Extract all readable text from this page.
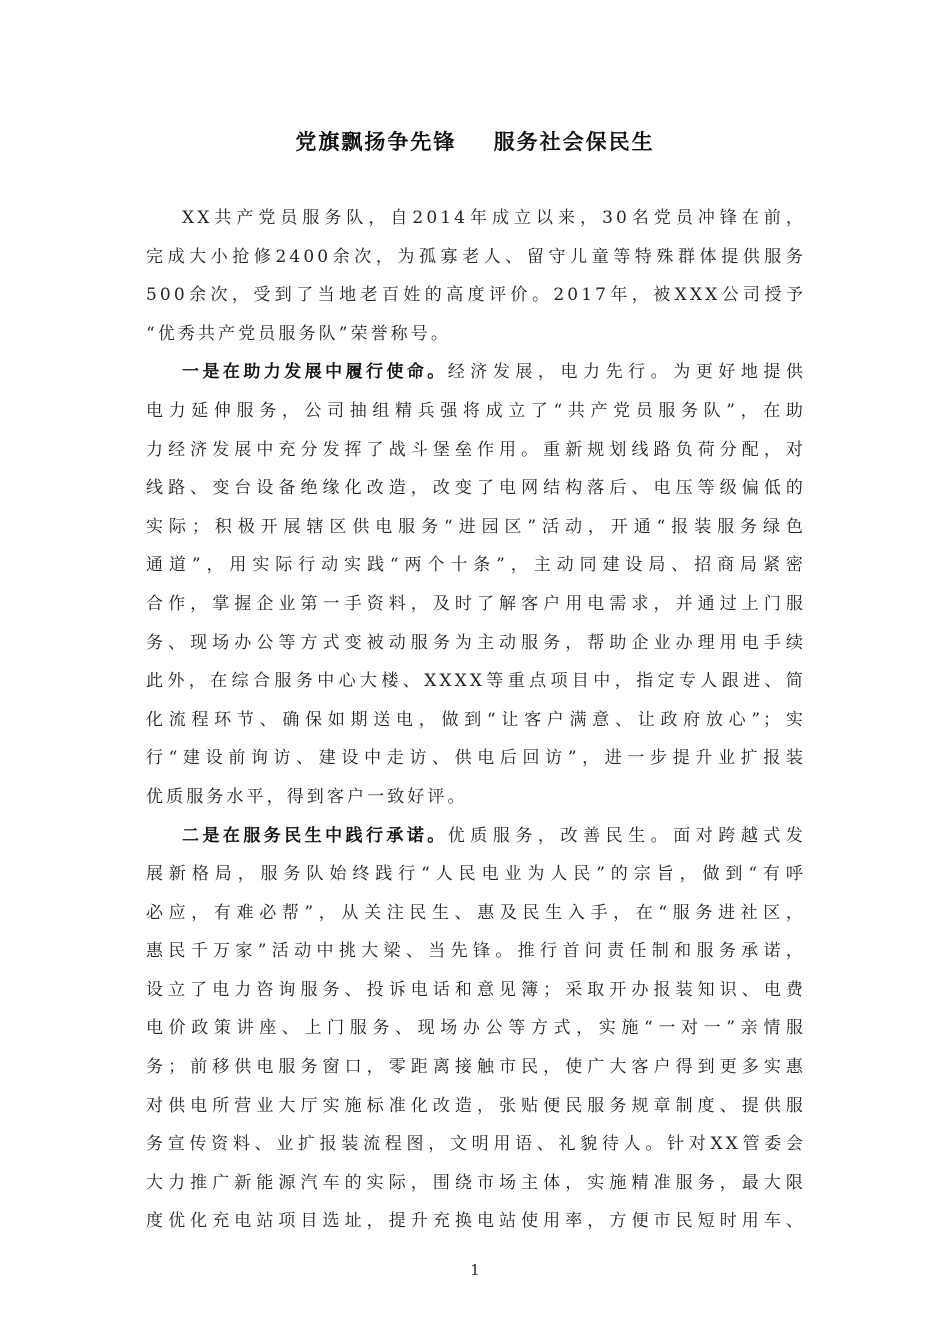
党旗飘扬争先锋    服务社会保民生
XX共产党员服务队，自2014年成立以来，30名党员冲锋在前，
完成大小抢修2400余次，为孤寡老人、留守儿童等特殊群体提供服务
500余次，受到了当地老百姓的高度评价。2017年，被XXX公司授予
“优秀共产党员服务队”荣誉称号。
一是在助力发展中履行使命。经济发展，电力先行。为更好地提供
电力延伸服务，公司抽组精兵强将成立了“共产党员服务队”，在助
力经济发展中充分发挥了战斗堡垒作用。重新规划线路负荷分配，对
线路、变台设备绝缘化改造，改变了电网结构落后、电压等级偏低的
实际；积极开展辖区供电服务“进园区”活动，开通“报装服务绿色
通道”，用实际行动实践“两个十条”，主动同建设局、招商局紧密
合作，掌握企业第一手资料，及时了解客户用电需求，并通过上门服
务、现场办公等方式变被动服务为主动服务，帮助企业办理用电手续
此外，在综合服务中心大楼、XXXX等重点项目中，指定专人跟进、简
化流程环节、确保如期送电，做到“让客户满意、让政府放心”；实
行“建设前询访、建设中走访、供电后回访”，进一步提升业扩报装
优质服务水平，得到客户一致好评。
二是在服务民生中践行承诺。优质服务，改善民生。面对跨越式发
展新格局，服务队始终践行“人民电业为人民”的宗旨，做到“有呼
必应，有难必帮”，从关注民生、惠及民生入手，在“服务进社区，
惠民千万家”活动中挑大梁、当先锋。推行首问责任制和服务承诺，
设立了电力咨询服务、投诉电话和意见簿；采取开办报装知识、电费
电价政策讲座、上门服务、现场办公等方式，实施“一对一”亲情服
务；前移供电服务窗口，零距离接触市民，使广大客户得到更多实惠
对供电所营业大厅实施标准化改造，张贴便民服务规章制度、提供服
务宣传资料、业扩报装流程图，文明用语、礼貌待人。针对XX管委会
大力推广新能源汽车的实际，围绕市场主体，实施精准服务，最大限
度优化充电站项目选址，提升充换电站使用率，方便市民短时用车、
1
